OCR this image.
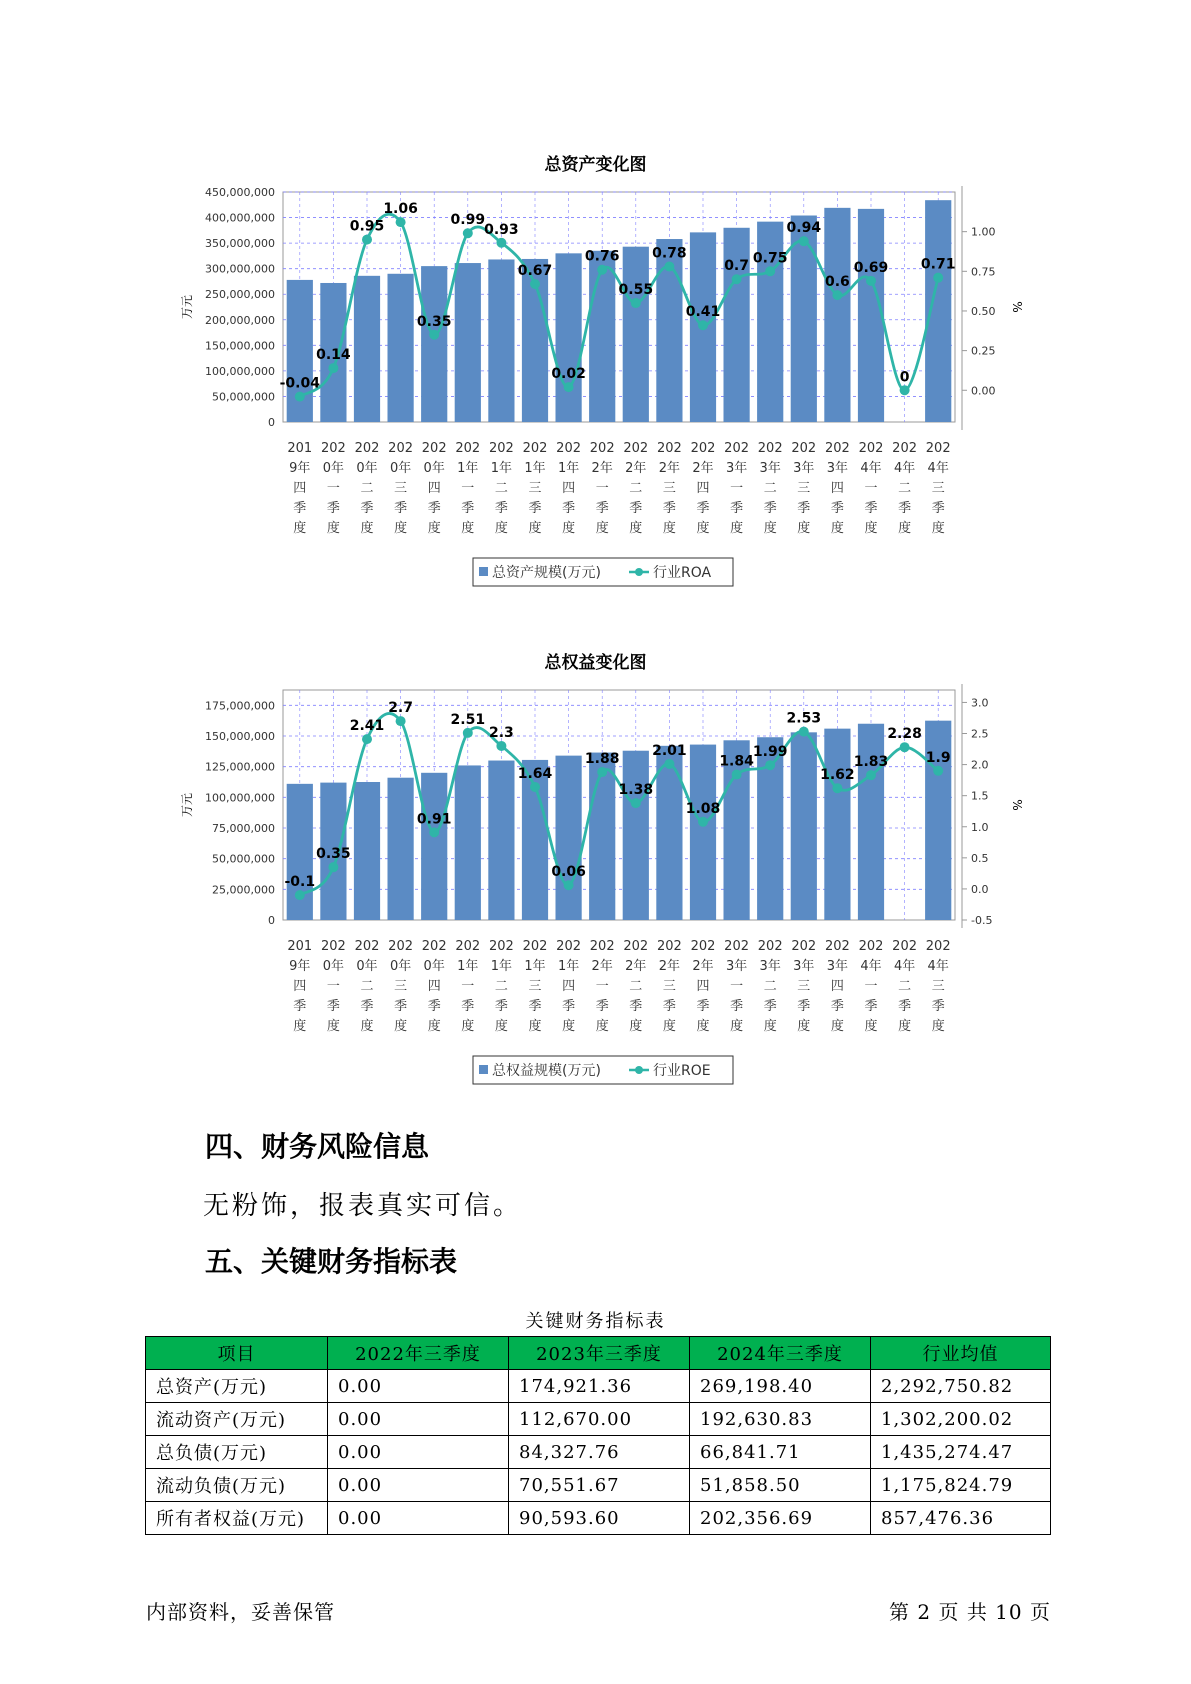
总资产变化图
0
50,000,000
100,000,000
150,000,000
200,000,000
250,000,000
300,000,000
350,000,000
400,000,000
450,000,000
0.00
0.25
0.50
0.75
1.00
万元	%
-0.04
0.14
0.95
1.06
0.35
0.99
0.93
0.67
0.02
0.76
0.55
0.78
0.41
0.7 0.75
0.94
0.6
0.69
0
0.71
201
9年
四
季
度
202
0年
一
季
度
202
0年
二
季
度
202
0年
三
季
度
202
0年
四
季
度
202
1年
一
季
度
202
1年
二
季
度
202
1年
三
季
度
202
1年
四
季
度
202
2年
一
季
度
202
2年
二
季
度
202
2年
三
季
度
202
2年
四
季
度
202
3年
一
季
度
202
3年
二
季
度
202
3年
三
季
度
202
3年
四
季
度
202
4年
一
季
度
202
4年
二
季
度
202
4年
三
季
度
总资产规模(万元)	行业ROA
总权益变化图
0
25,000,000
50,000,000
75,000,000
100,000,000
125,000,000
150,000,000
175,000,000
-0.5
0.0
0.5
1.0
1.5
2.0
2.5
3.0
万元	%
-0.1
0.35
2.41
2.7
0.91
2.51
2.3
1.64
0.06
1.88
1.38
2.01
1.08
1.84
1.99
2.53
1.62
1.83
2.28
1.9
201
9年
四
季
度
202
0年
一
季
度
202
0年
二
季
度
202
0年
三
季
度
202
0年
四
季
度
202
1年
一
季
度
202
1年
二
季
度
202
1年
三
季
度
202
1年
四
季
度
202
2年
一
季
度
202
2年
二
季
度
202
2年
三
季
度
202
2年
四
季
度
202
3年
一
季
度
202
3年
二
季
度
202
3年
三
季
度
202
3年
四
季
度
202
4年
一
季
度
202
4年
二
季
度
202
4年
三
季
度
总权益规模(万元)	行业ROE
四、财务风险信息
无粉饰，报表真实可信。
五、关键财务指标表
关键财务指标表
项目	2022年三季度	2023年三季度	2024年三季度	行业均值
总资产(万元)	0.00	174,921.36	269,198.40	2,292,750.82
流动资产(万元)	0.00	112,670.00	192,630.83	1,302,200.02
总负债(万元)	0.00	84,327.76	66,841.71	1,435,274.47
流动负债(万元)	0.00	70,551.67	51,858.50	1,175,824.79
所有者权益(万元)	0.00	90,593.60	202,356.69	857,476.36
内部资料，妥善保管	第 2 页 共 10 页
